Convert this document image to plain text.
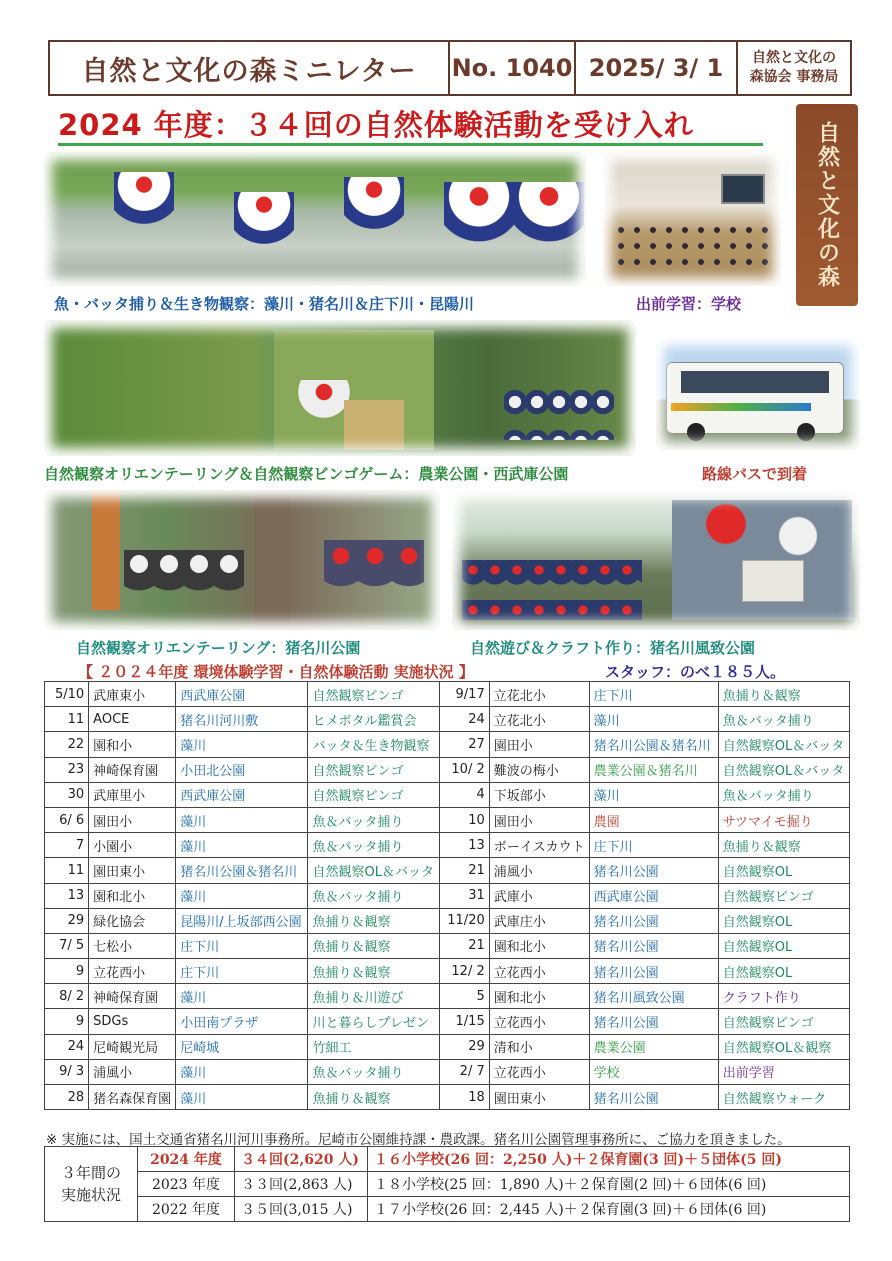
自然と文化の森ミニレター	No. 1040 2025/ 3/ 1	自然と文化の
森協会 事務局
2024 年度：３４回の自然体験活動を受け入れ
魚・バッタ捕り＆生き物観察：藻川・猪名川＆庄下川・昆陽川	出前学習：学校
自然と文化の森
自然観察オリエンテーリング＆自然観察ビンゴゲーム：農業公園・西武庫公園	路線バスで到着
自然観察オリエンテーリング：猪名川公園	自然遊び＆クラフト作り：猪名川風致公園
【 ２０２４年度 環境体験学習・自然体験活動 実施状況 】	スタッフ：のべ１８５人。
5/10	武庫東小	西武庫公園	自然観察ビンゴ	9/17	立花北小	庄下川	魚捕り＆観察
11	AOCE	猪名川河川敷	ヒメボタル鑑賞会	24	立花北小	藻川	魚＆バッタ捕り
22	園和小	藻川	バッタ＆生き物観察	27	園田小	猪名川公園＆猪名川	自然観察OL＆バッタ
23	神崎保育園	小田北公園	自然観察ビンゴ	10/ 2	難波の梅小	農業公園＆猪名川	自然観察OL＆バッタ
30	武庫里小	西武庫公園	自然観察ビンゴ	4	下坂部小	藻川	魚＆バッタ捕り
6/ 6	園田小	藻川	魚＆バッタ捕り	10	園田小	農園	サツマイモ掘り
7	小園小	藻川	魚＆バッタ捕り	13	ボーイスカウト	庄下川	魚捕り＆観察
11	園田東小	猪名川公園＆猪名川	自然観察OL＆バッタ	21	浦風小	猪名川公園	自然観察OL
13	園和北小	藻川	魚＆バッタ捕り	31	武庫小	西武庫公園	自然観察ビンゴ
29	緑化協会	昆陽川/上坂部西公園	魚捕り＆観察	11/20	武庫庄小	猪名川公園	自然観察OL
7/ 5	七松小	庄下川	魚捕り＆観察	21	園和北小	猪名川公園	自然観察OL
9	立花西小	庄下川	魚捕り＆観察	12/ 2	立花西小	猪名川公園	自然観察OL
8/ 2	神崎保育園	藻川	魚捕り＆川遊び	5	園和北小	猪名川風致公園	クラフト作り
9	SDGs	小田南プラザ	川と暮らしプレゼン	1/15	立花西小	猪名川公園	自然観察ビンゴ
24	尼崎観光局	尼崎城	竹細工	29	清和小	農業公園	自然観察OL＆観察
9/ 3	浦風小	藻川	魚＆バッタ捕り	2/ 7	立花西小	学校	出前学習
28	猪名森保育園	藻川	魚捕り＆観察	18	園田東小	猪名川公園	自然観察ウォーク
※ 実施には、国土交通省猪名川河川事務所。尼崎市公園維持課・農政課。猪名川公園管理事務所に、ご協力を頂きました。
３年間の
実施状況	2024 年度	３４回(2,620 人)	１６小学校(26 回：2,250 人)＋２保育園(3 回)＋５団体(5 回)
	2023 年度	３３回(2,863 人)	１８小学校(25 回：1,890 人)＋２保育園(2 回)＋６団体(6 回)
	2022 年度	３５回(3,015 人)	１７小学校(26 回：2,445 人)＋２保育園(3 回)＋６団体(6 回)
